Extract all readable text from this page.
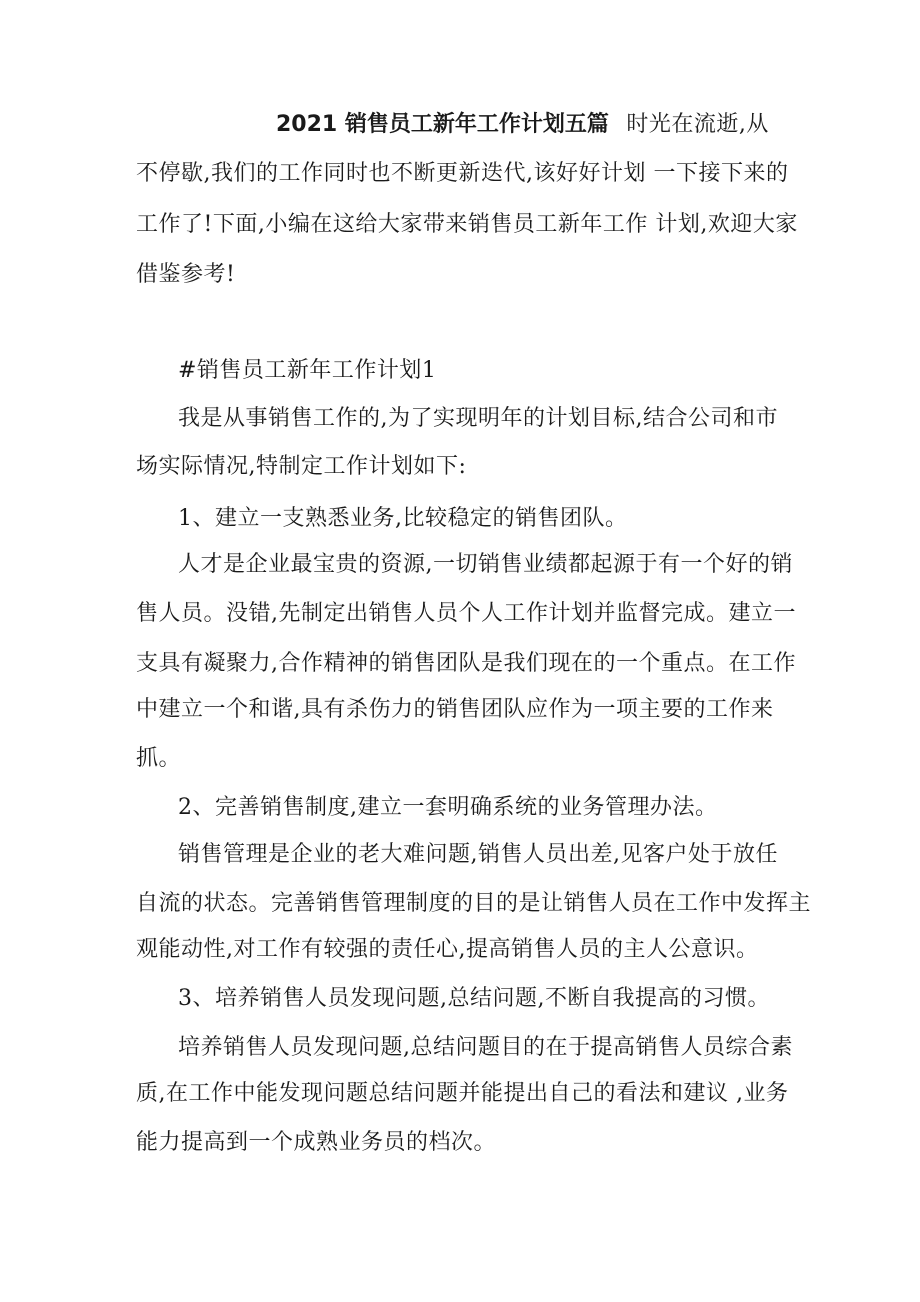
2021 销售员工新年工作计划五篇 时光在流逝,从
不停歇,我们的工作同时也不断更新迭代,该好好计划 一下接下来的
工作了!下面,小编在这给大家带来销售员工新年工作 计划,欢迎大家
借鉴参考!
#销售员工新年工作计划1
我是从事销售工作的,为了实现明年的计划目标,结合公司和市
场实际情况,特制定工作计划如下:
1、建立一支熟悉业务,比较稳定的销售团队。
人才是企业最宝贵的资源,一切销售业绩都起源于有一个好的销
售人员。没错,先制定出销售人员个人工作计划并监督完成。建立一
支具有凝聚力,合作精神的销售团队是我们现在的一个重点。在工作
中建立一个和谐,具有杀伤力的销售团队应作为一项主要的工作来
抓。
2、完善销售制度,建立一套明确系统的业务管理办法。
销售管理是企业的老大难问题,销售人员出差,见客户处于放任
自流的状态。完善销售管理制度的目的是让销售人员在工作中发挥主
观能动性,对工作有较强的责任心,提高销售人员的主人公意识。
3、培养销售人员发现问题,总结问题,不断自我提高的习惯。
培养销售人员发现问题,总结问题目的在于提高销售人员综合素
质,在工作中能发现问题总结问题并能提出自己的看法和建议 ,业务
能力提高到一个成熟业务员的档次。
